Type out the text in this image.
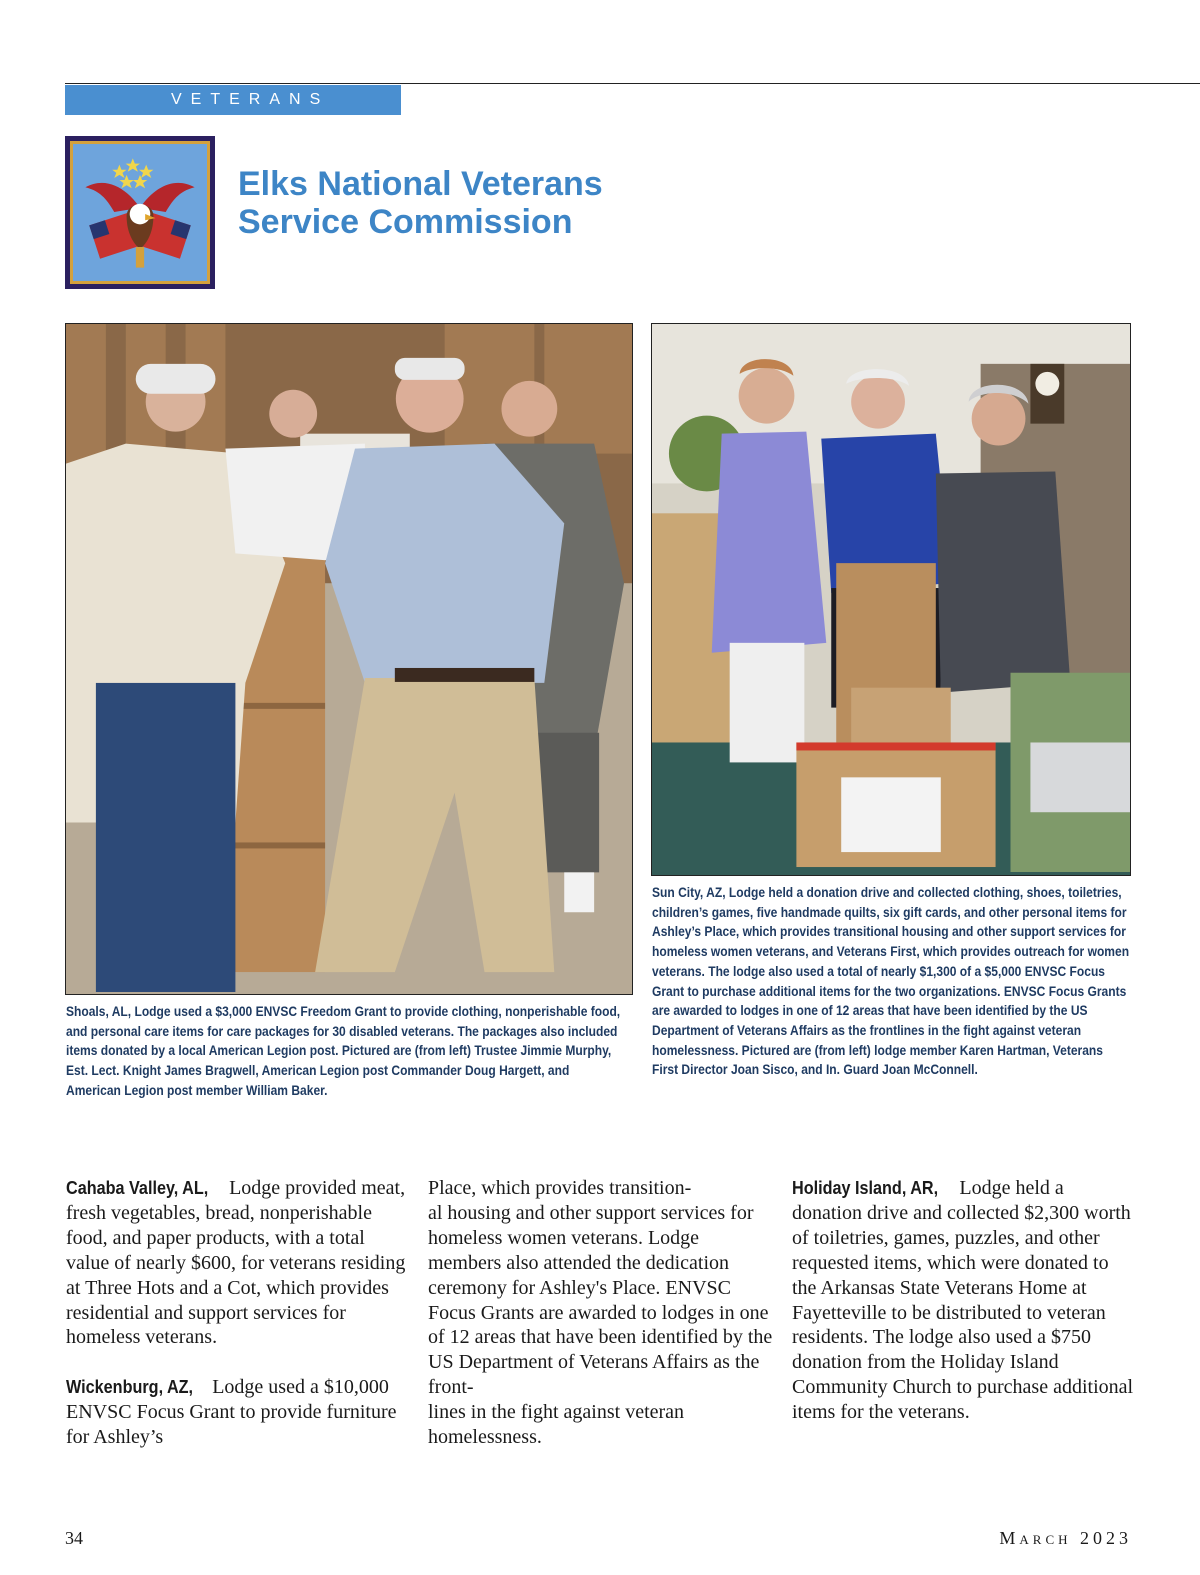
VETERANS
Elks National Veterans
Service Commission

Shoals, AL, Lodge used a $3,000 ENVSC Freedom Grant to provide clothing, nonperishable food, and personal care items for care packages for 30 disabled veterans. The packages also included items donated by a local American Legion post. Pictured are (from left) Trustee Jimmie Murphy, Est. Lect. Knight James Bragwell, American Legion post Commander Doug Hargett, and American Legion post member William Baker.

Sun City, AZ, Lodge held a donation drive and collected clothing, shoes, toiletries, children’s games, five handmade quilts, six gift cards, and other personal items for Ashley’s Place, which provides transitional housing and other support services for homeless women veterans, and Veterans First, which provides outreach for women veterans. The lodge also used a total of nearly $1,300 of a $5,000 ENVSC Focus Grant to purchase additional items for the two organizations. ENVSC Focus Grants are awarded to lodges in one of 12 areas that have been identified by the US Department of Veterans Affairs as the frontlines in the fight against veteran homelessness. Pictured are (from left) lodge member Karen Hartman, Veterans First Director Joan Sisco, and In. Guard Joan McConnell.

Cahaba Valley, AL, Lodge provided meat, fresh vegetables, bread, nonperishable food, and paper products, with a total value of nearly $600, for veterans residing at Three Hots and a Cot, which provides residential and support services for homeless veterans.

Wickenburg, AZ, Lodge used a $10,000 ENVSC Focus Grant to provide furniture for Ashley’s

Place, which provides transition-
al housing and other support services for homeless women veterans. Lodge members also attended the dedication ceremony for Ashley's Place. ENVSC Focus Grants are awarded to lodges in one of 12 areas that have been identified by the US Department of Veterans Affairs as the front-
lines in the fight against veteran homelessness.

Holiday Island, AR, Lodge held a donation drive and collected $2,300 worth of toiletries, games, puzzles, and other requested items, which were donated to the Arkansas State Veterans Home at Fayetteville to be distributed to veteran residents. The lodge also used a $750 donation from the Holiday Island Community Church to purchase additional items for the veterans.

34	March 2023
